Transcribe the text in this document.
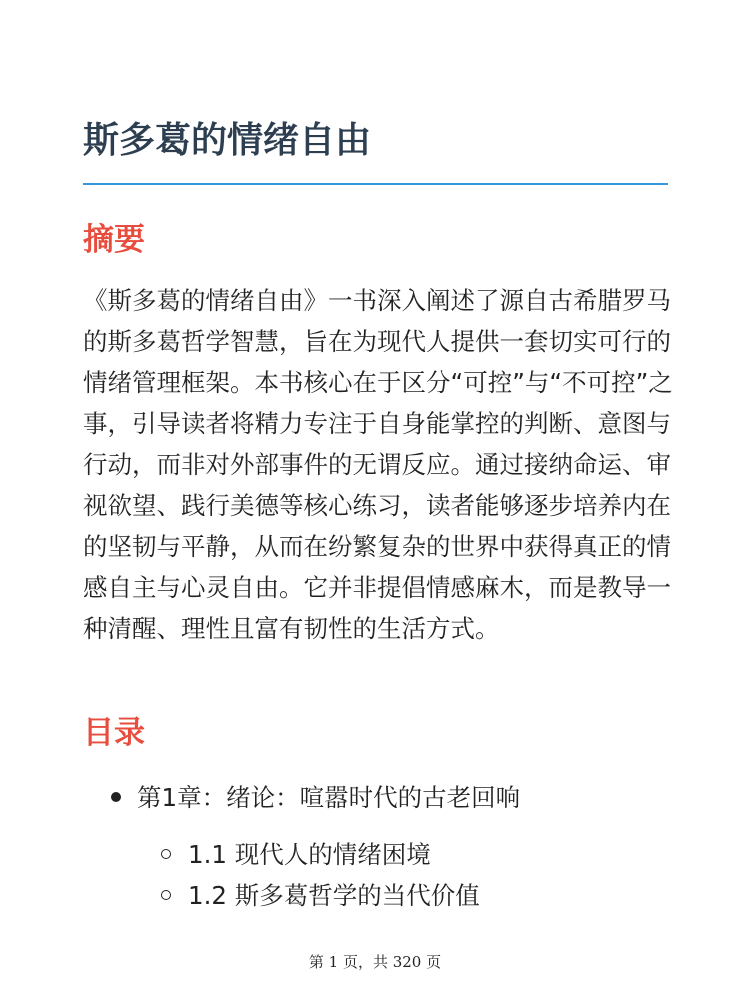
斯多葛的情绪自由
摘要

《斯多葛的情绪自由》一书深入阐述了源自古希腊罗马的斯多葛哲学智慧，旨在为现代人提供一套切实可行的情绪管理框架。本书核心在于区分“可控”与“不可控”之事，引导读者将精力专注于自身能掌控的判断、意图与行动，而非对外部事件的无谓反应。通过接纳命运、审视欲望、践行美德等核心练习，读者能够逐步培养内在的坚韧与平静，从而在纷繁复杂的世界中获得真正的情感自主与心灵自由。它并非提倡情感麻木，而是教导一种清醒、理性且富有韧性的生活方式。

目录
第1章：绪论：喧嚣时代的古老回响
1.1 现代人的情绪困境
1.2 斯多葛哲学的当代价值
第 1 页，共 320 页
